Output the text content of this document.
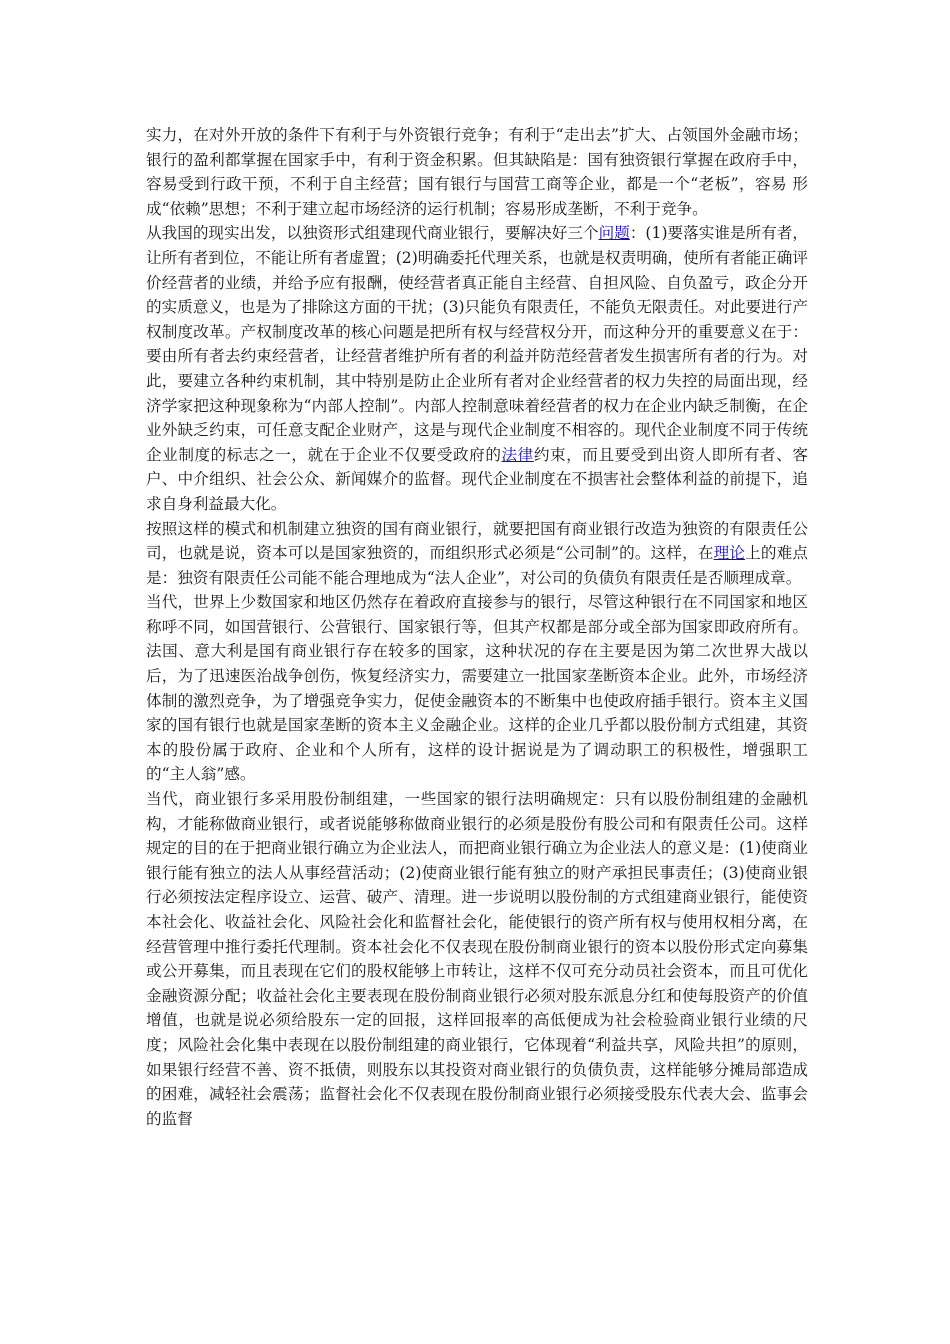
实力，在对外开放的条件下有利于与外资银行竞争；有利于“走出去”扩大、占领国外金融市场；银行的盈利都掌握在国家手中，有利于资金积累。但其缺陷是：国有独资银行掌握在政府手中，容易受到行政干预，不利于自主经营；国有银行与国营工商等企业，都是一个“老板”，容易 形成“依赖”思想；不利于建立起市场经济的运行机制；容易形成垄断，不利于竞争。

从我国的现实出发，以独资形式组建现代商业银行，要解决好三个问题：(1)要落实谁是所有者，让所有者到位，不能让所有者虚置；(2)明确委托代理关系，也就是权责明确，使所有者能正确评价经营者的业绩，并给予应有报酬，使经营者真正能自主经营、自担风险、自负盈亏，政企分开的实质意义，也是为了排除这方面的干扰；(3)只能负有限责任，不能负无限责任。对此要进行产权制度改革。产权制度改革的核心问题是把所有权与经营权分开，而这种分开的重要意义在于：要由所有者去约束经营者，让经营者维护所有者的利益并防范经营者发生损害所有者的行为。对此，要建立各种约束机制，其中特别是防止企业所有者对企业经营者的权力失控的局面出现，经济学家把这种现象称为“内部人控制”。内部人控制意味着经营者的权力在企业内缺乏制衡，在企业外缺乏约束，可任意支配企业财产，这是与现代企业制度不相容的。现代企业制度不同于传统企业制度的标志之一，就在于企业不仅要受政府的法律约束，而且要受到出资人即所有者、客户、中介组织、社会公众、新闻媒介的监督。现代企业制度在不损害社会整体利益的前提下，追求自身利益最大化。

按照这样的模式和机制建立独资的国有商业银行，就要把国有商业银行改造为独资的有限责任公司，也就是说，资本可以是国家独资的，而组织形式必须是“公司制”的。这样，在理论上的难点是：独资有限责任公司能不能合理地成为“法人企业”，对公司的负债负有限责任是否顺理成章。

当代，世界上少数国家和地区仍然存在着政府直接参与的银行，尽管这种银行在不同国家和地区称呼不同，如国营银行、公营银行、国家银行等，但其产权都是部分或全部为国家即政府所有。法国、意大利是国有商业银行存在较多的国家，这种状况的存在主要是因为第二次世界大战以后，为了迅速医治战争创伤，恢复经济实力，需要建立一批国家垄断资本企业。此外，市场经济体制的激烈竞争，为了增强竞争实力，促使金融资本的不断集中也使政府插手银行。资本主义国家的国有银行也就是国家垄断的资本主义金融企业。这样的企业几乎都以股份制方式组建，其资本的股份属于政府、企业和个人所有，这样的设计据说是为了调动职工的积极性，增强职工的“主人翁”感。

当代，商业银行多采用股份制组建，一些国家的银行法明确规定：只有以股份制组建的金融机构，才能称做商业银行，或者说能够称做商业银行的必须是股份有股公司和有限责任公司。这样规定的目的在于把商业银行确立为企业法人，而把商业银行确立为企业法人的意义是：(1)使商业银行能有独立的法人从事经营活动；(2)使商业银行能有独立的财产承担民事责任；(3)使商业银行必须按法定程序设立、运营、破产、清理。进一步说明以股份制的方式组建商业银行，能使资本社会化、收益社会化、风险社会化和监督社会化，能使银行的资产所有权与使用权相分离，在经营管理中推行委托代理制。资本社会化不仅表现在股份制商业银行的资本以股份形式定向募集或公开募集，而且表现在它们的股权能够上市转让，这样不仅可充分动员社会资本，而且可优化金融资源分配；收益社会化主要表现在股份制商业银行必须对股东派息分红和使每股资产的价值增值，也就是说必须给股东一定的回报，这样回报率的高低便成为社会检验商业银行业绩的尺度；风险社会化集中表现在以股份制组建的商业银行，它体现着“利益共享，风险共担”的原则，如果银行经营不善、资不抵债，则股东以其投资对商业银行的负债负责，这样能够分摊局部造成的困难，减轻社会震荡；监督社会化不仅表现在股份制商业银行必须接受股东代表大会、监事会的监督
